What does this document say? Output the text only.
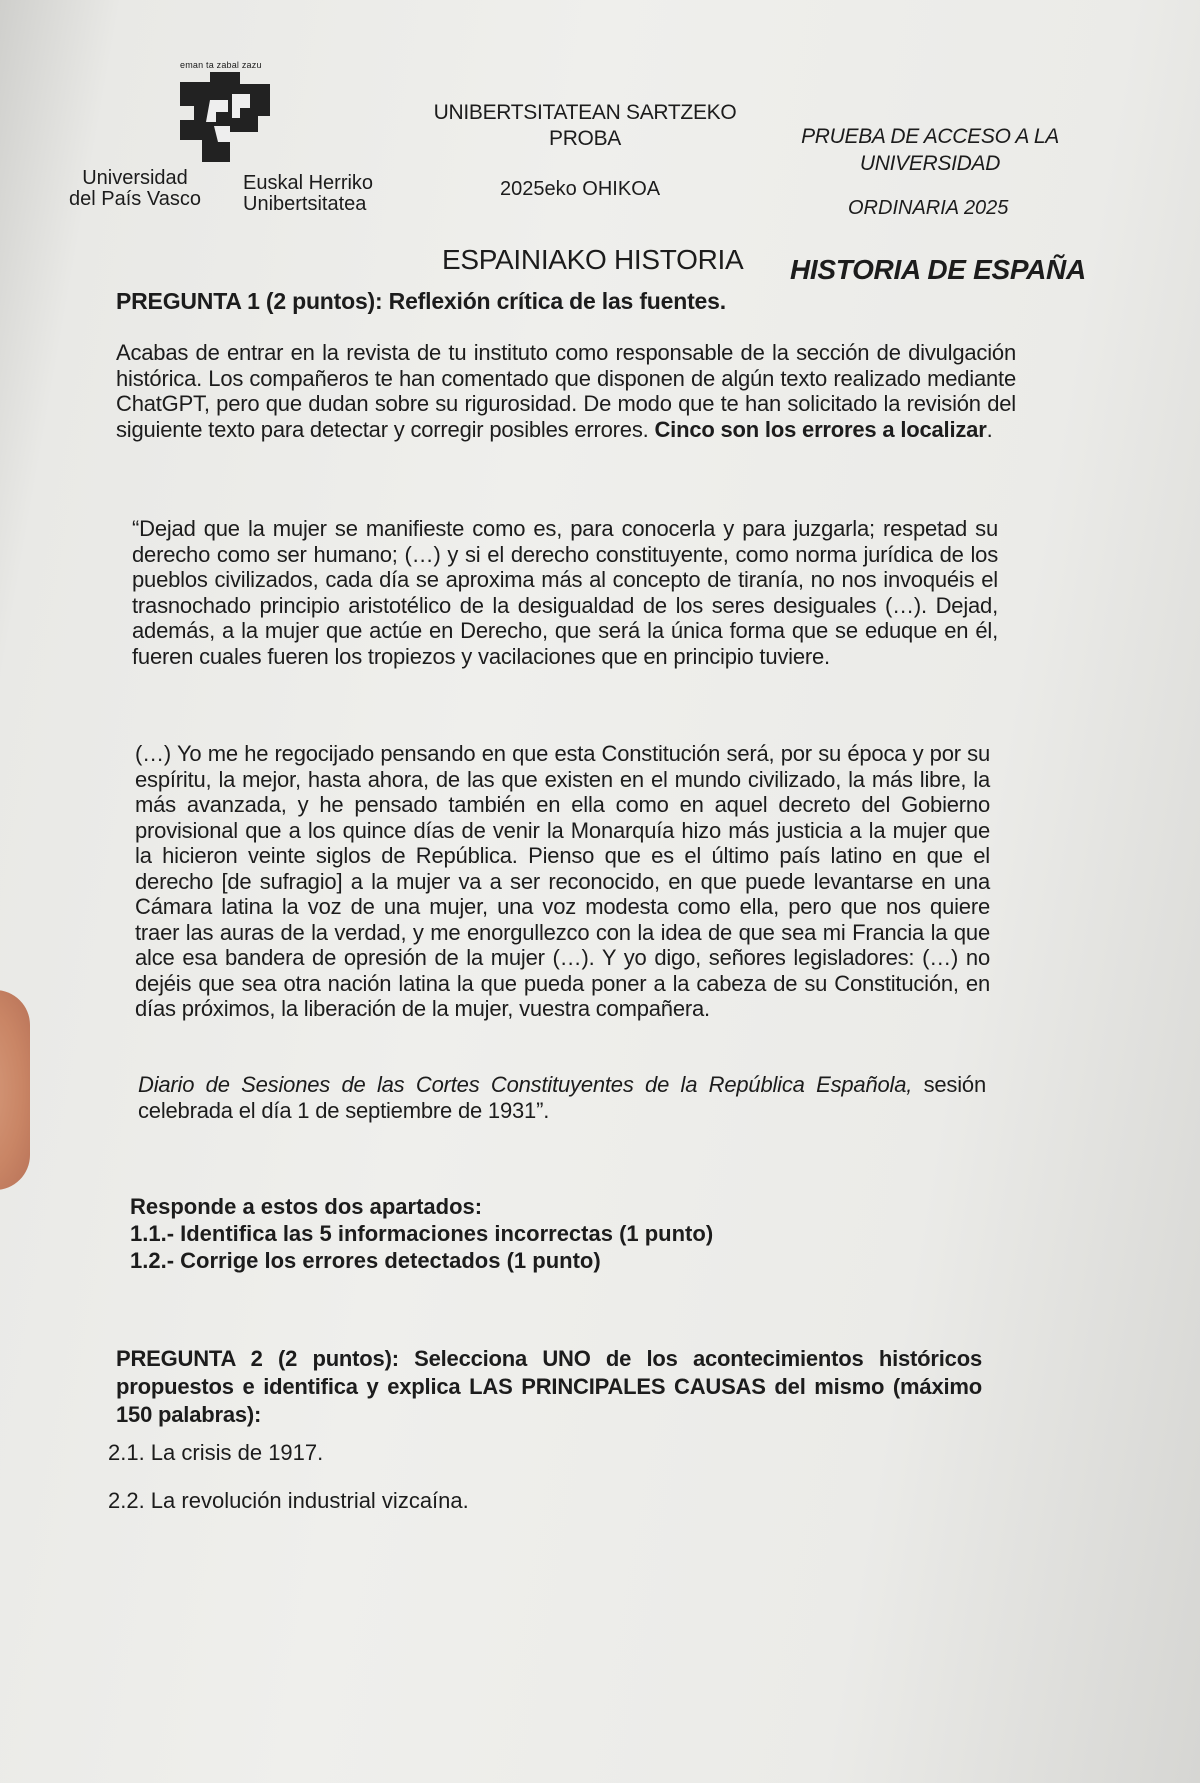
eman ta zabal zazu
Universidad
del País Vasco
Euskal Herriko
Unibertsitatea
UNIBERTSITATEAN SARTZEKO
PROBA
2025eko OHIKOA
PRUEBA DE ACCESO A LA
UNIVERSIDAD
ORDINARIA 2025
ESPAINIAKO HISTORIA HISTORIA DE ESPAÑA
PREGUNTA 1 (2 puntos): Reflexión crítica de las fuentes.
Acabas de entrar en la revista de tu instituto como responsable de la sección de divulgación histórica. Los compañeros te han comentado que disponen de algún texto realizado mediante ChatGPT, pero que dudan sobre su rigurosidad. De modo que te han solicitado la revisión del siguiente texto para detectar y corregir posibles errores. Cinco son los errores a localizar.
“Dejad que la mujer se manifieste como es, para conocerla y para juzgarla; respetad su derecho como ser humano; (…) y si el derecho constituyente, como norma jurídica de los pueblos civilizados, cada día se aproxima más al concepto de tiranía, no nos invoquéis el trasnochado principio aristotélico de la desigualdad de los seres desiguales (…). Dejad, además, a la mujer que actúe en Derecho, que será la única forma que se eduque en él, fueren cuales fueren los tropiezos y vacilaciones que en principio tuviere.
(…) Yo me he regocijado pensando en que esta Constitución será, por su época y por su espíritu, la mejor, hasta ahora, de las que existen en el mundo civilizado, la más libre, la más avanzada, y he pensado también en ella como en aquel decreto del Gobierno provisional que a los quince días de venir la Monarquía hizo más justicia a la mujer que la hicieron veinte siglos de República. Pienso que es el último país latino en que el derecho [de sufragio] a la mujer va a ser reconocido, en que puede levantarse en una Cámara latina la voz de una mujer, una voz modesta como ella, pero que nos quiere traer las auras de la verdad, y me enorgullezco con la idea de que sea mi Francia la que alce esa bandera de opresión de la mujer (…). Y yo digo, señores legisladores: (…) no dejéis que sea otra nación latina la que pueda poner a la cabeza de su Constitución, en días próximos, la liberación de la mujer, vuestra compañera.
Diario de Sesiones de las Cortes Constituyentes de la República Española, sesión celebrada el día 1 de septiembre de 1931”.
Responde a estos dos apartados:
1.1.- Identifica las 5 informaciones incorrectas (1 punto)
1.2.- Corrige los errores detectados (1 punto)
PREGUNTA 2 (2 puntos): Selecciona UNO de los acontecimientos históricos propuestos e identifica y explica LAS PRINCIPALES CAUSAS del mismo (máximo 150 palabras):
2.1. La crisis de 1917.
2.2. La revolución industrial vizcaína.
